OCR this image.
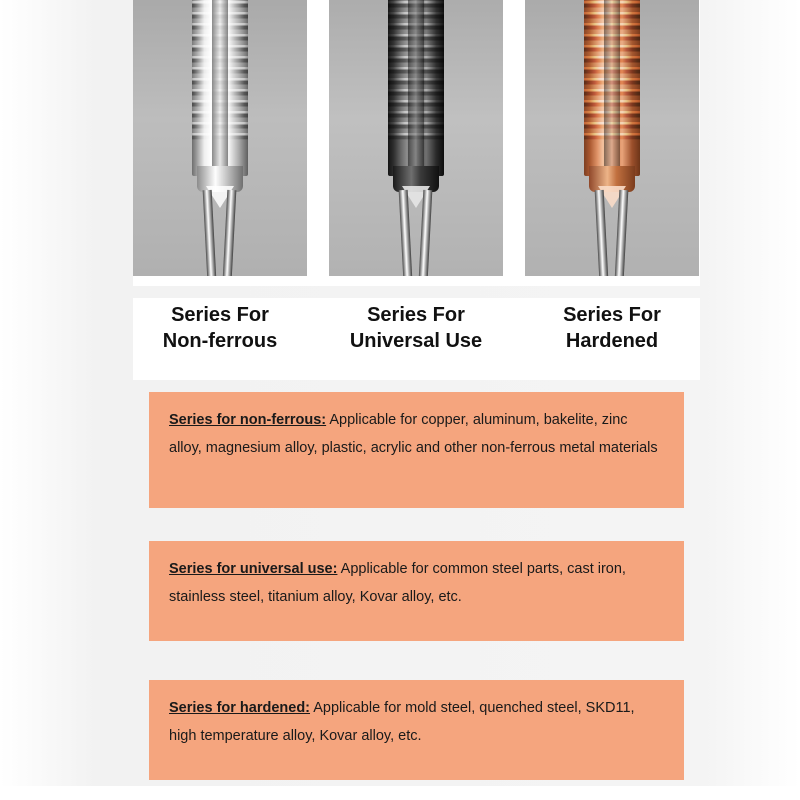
Series For
Non-ferrous
Series For
Universal Use
Series For
Hardened
Series for non-ferrous: Applicable for copper, aluminum, bakelite, zinc alloy, magnesium alloy, plastic, acrylic and other non-ferrous metal materials
Series for universal use: Applicable for common steel parts, cast iron, stainless steel, titanium alloy, Kovar alloy, etc.
Series for hardened: Applicable for mold steel, quenched steel, SKD11, high temperature alloy, Kovar alloy, etc.
